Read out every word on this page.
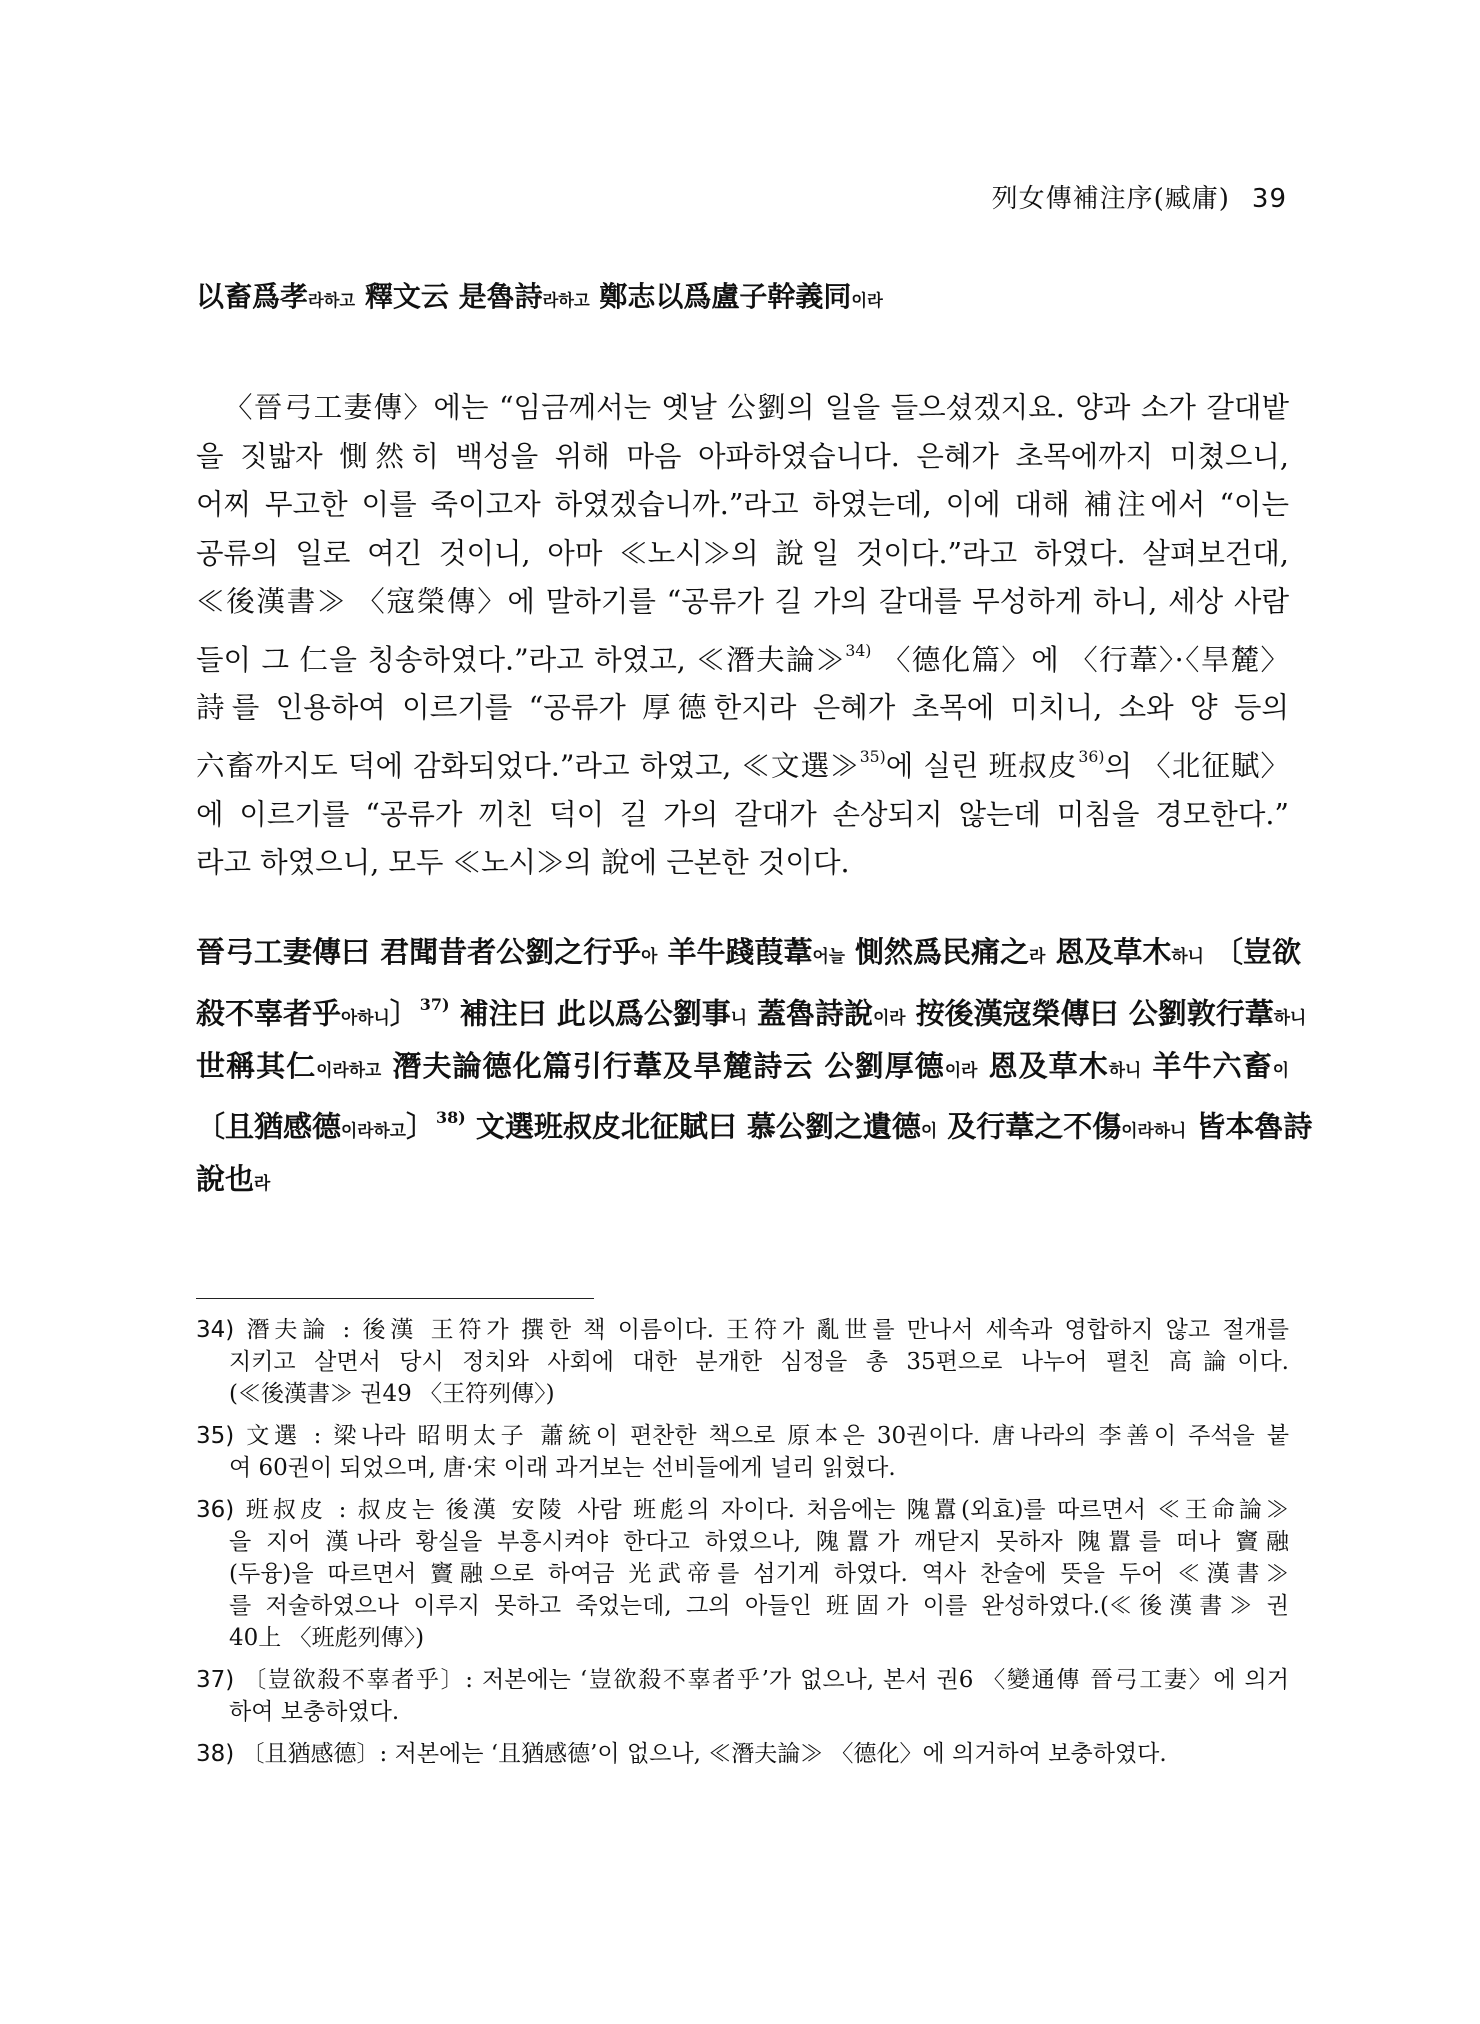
列女傳補注序(臧庸) 39
以畜爲孝라하고 釋文云 是魯詩라하고 鄭志以爲盧子幹義同이라
〈晉弓工妻傳〉에는 “임금께서는 옛날 公劉의 일을 들으셨겠지요. 양과 소가 갈대밭
을 짓밟자 惻然히 백성을 위해 마음 아파하였습니다. 은혜가 초목에까지 미쳤으니,
어찌 무고한 이를 죽이고자 하였겠습니까.”라고 하였는데, 이에 대해 補注에서 “이는
공류의 일로 여긴 것이니, 아마 ≪노시≫의 說일 것이다.”라고 하였다. 살펴보건대,
≪後漢書≫ 〈寇榮傳〉에 말하기를 “공류가 길 가의 갈대를 무성하게 하니, 세상 사람
들이 그 仁을 칭송하였다.”라고 하였고, ≪潛夫論≫$^{34)}$ 〈德化篇〉에 〈行葦〉·〈旱麓〉
詩를 인용하여 이르기를 “공류가 厚德한지라 은혜가 초목에 미치니, 소와 양 등의
六畜까지도 덕에 감화되었다.”라고 하였고, ≪文選≫$^{35)}$에 실린 班叔皮$^{36)}$의 〈北征賦〉
에 이르기를 “공류가 끼친 덕이 길 가의 갈대가 손상되지 않는데 미침을 경모한다.”
라고 하였으니, 모두 ≪노시≫의 說에 근본한 것이다.
晉弓工妻傳曰 君聞昔者公劉之行乎아 羊牛踐葭葦어늘 惻然爲民痛之라 恩及草木하니 〔豈欲
殺不辜者乎아하니〕$^{37)}$ 補注曰 此以爲公劉事니 蓋魯詩說이라 按後漢寇榮傳曰 公劉敦行葦하니
世稱其仁이라하고 潛夫論德化篇引行葦及旱麓詩云 公劉厚德이라 恩及草木하니 羊牛六畜이
〔且猶感德이라하고〕$^{38)}$ 文選班叔皮北征賦曰 慕公劉之遺德이 及行葦之不傷이라하니 皆本魯詩
說也라
34) 潛夫論 : 後漢 王符가 撰한 책 이름이다. 王符가 亂世를 만나서 세속과 영합하지 않고 절개를
지키고 살면서 당시 정치와 사회에 대한 분개한 심정을 총 35편으로 나누어 펼친 高論이다.
(≪後漢書≫ 권49 〈王符列傳〉)
35) 文選 : 梁나라 昭明太子 蕭統이 편찬한 책으로 原本은 30권이다. 唐나라의 李善이 주석을 붙
여 60권이 되었으며, 唐·宋 이래 과거보는 선비들에게 널리 읽혔다.
36) 班叔皮 : 叔皮는 後漢 安陵 사람 班彪의 자이다. 처음에는 隗囂(외효)를 따르면서 ≪王命論≫
을 지어 漢나라 황실을 부흥시켜야 한다고 하였으나, 隗囂가 깨닫지 못하자 隗囂를 떠나 竇融
(두융)을 따르면서 竇融으로 하여금 光武帝를 섬기게 하였다. 역사 찬술에 뜻을 두어 ≪漢書≫
를 저술하였으나 이루지 못하고 죽었는데, 그의 아들인 班固가 이를 완성하였다.(≪後漢書≫ 권
40上 〈班彪列傳〉)
37) 〔豈欲殺不辜者乎〕: 저본에는 ‘豈欲殺不辜者乎’가 없으나, 본서 권6 〈變通傳 晉弓工妻〉에 의거
하여 보충하였다.
38) 〔且猶感德〕: 저본에는 ‘且猶感德’이 없으나, ≪潛夫論≫ 〈德化〉에 의거하여 보충하였다.
